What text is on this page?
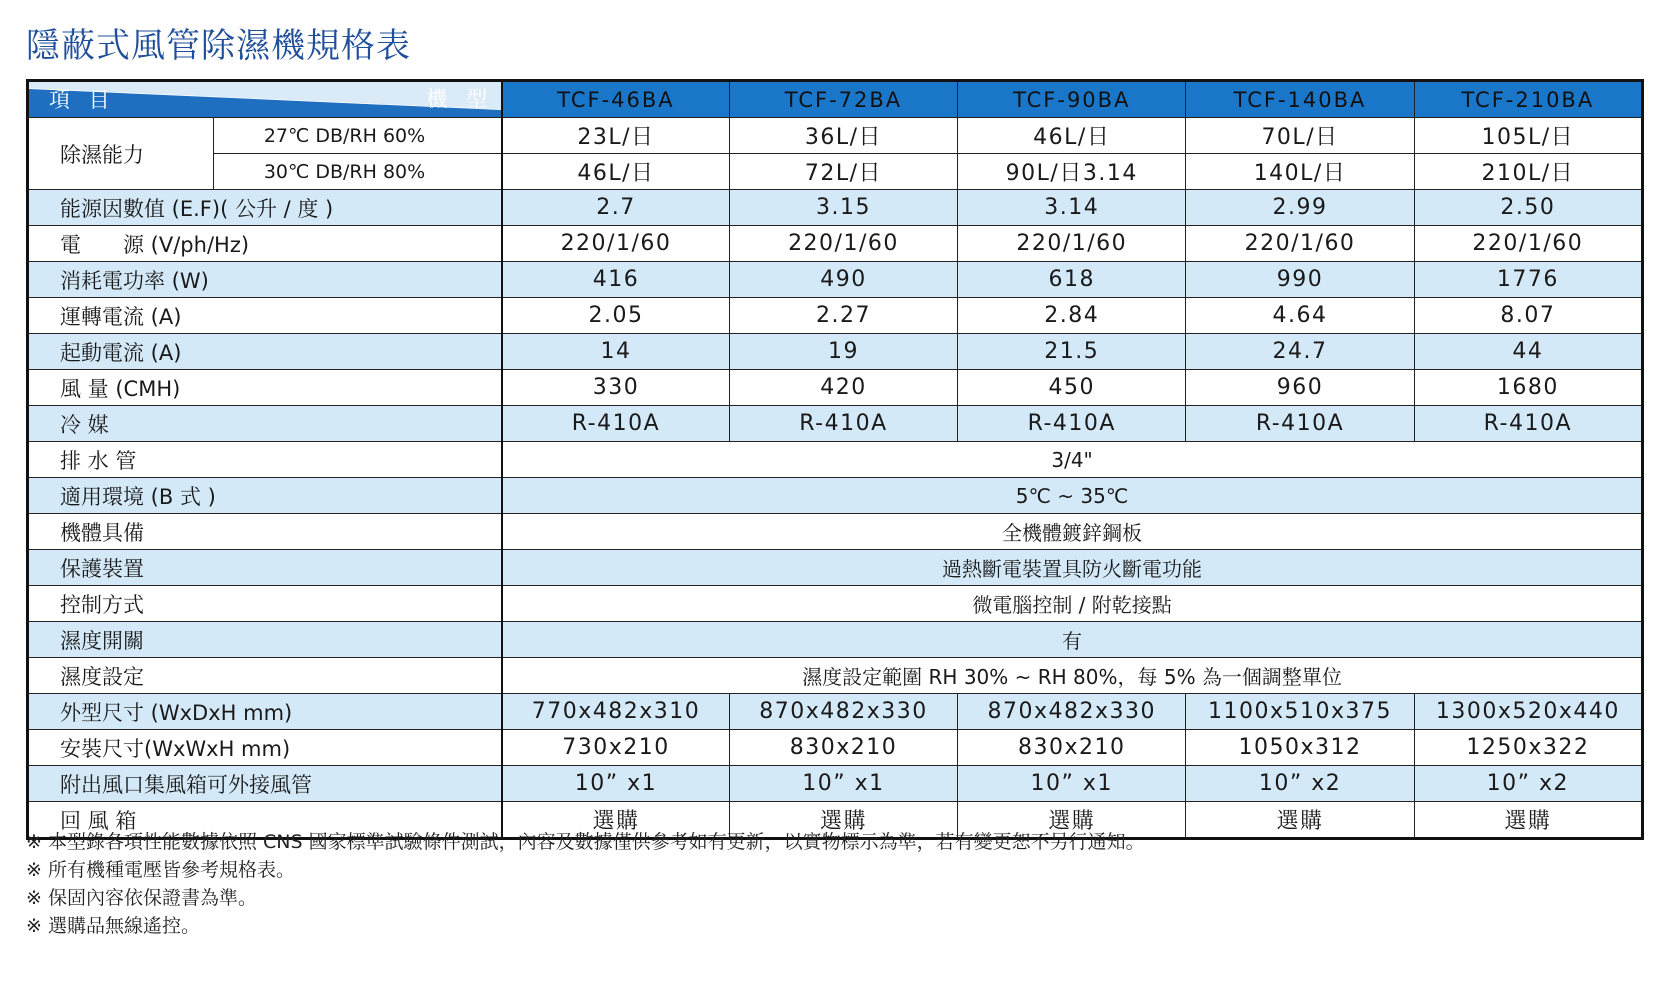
隱蔽式風管除濕機規格表
項 目 機 型		TCF-46BA	TCF-72BA	TCF-90BA	TCF-140BA	TCF-210BA
除濕能力	27℃ DB/RH 60%	23L/日	36L/日	46L/日	70L/日	105L/日
	30℃ DB/RH 80%	46L/日	72L/日	90L/日3.14	140L/日	210L/日
能源因數值 (E.F)( 公升 / 度 )		2.7	3.15	3.14	2.99	2.50
電　　源 (V/ph/Hz)		220/1/60	220/1/60	220/1/60	220/1/60	220/1/60
消耗電功率 (W)		416	490	618	990	1776
運轉電流 (A)		2.05	2.27	2.84	4.64	8.07
起動電流 (A)		14	19	21.5	24.7	44
風 量 (CMH)		330	420	450	960	1680
冷 媒		R-410A	R-410A	R-410A	R-410A	R-410A
排 水 管		3/4"				
適用環境 (B 式 )		5℃ ~ 35℃				
機體具備		全機體鍍鋅鋼板				
保護裝置		過熱斷電裝置具防火斷電功能				
控制方式		微電腦控制 / 附乾接點				
濕度開關		有				
濕度設定		濕度設定範圍 RH 30% ~ RH 80%，每 5% 為一個調整單位				
外型尺寸 (WxDxH mm)		770x482x310	870x482x330	870x482x330	1100x510x375	1300x520x440
安裝尺寸(WxWxH mm)		730x210	830x210	830x210	1050x312	1250x322
附出風口集風箱可外接風管		10” x1	10” x1	10” x1	10” x2	10” x2
回 風 箱		選購	選購	選購	選購	選購
※ 本型錄各項性能數據依照 CNS 國家標準試驗條件測試，內容及數據僅供參考如有更新，以實物標示為準，若有變更恕不另行通知。
※ 所有機種電壓皆參考規格表。
※ 保固內容依保證書為準。
※ 選購品無線遙控。
